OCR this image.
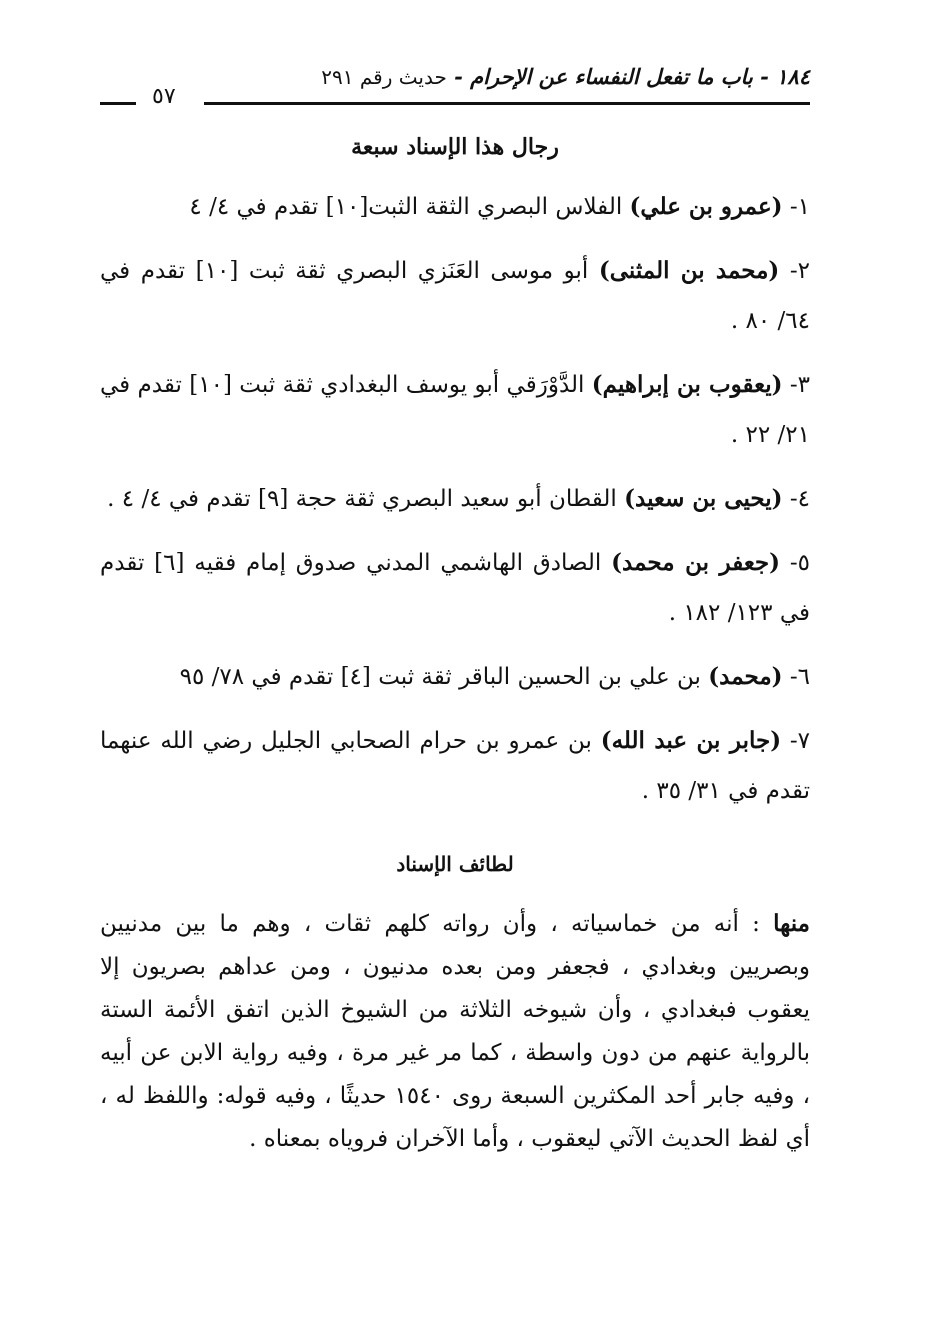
١٨٤ - باب ما تفعل النفساء عن الإحرام - حديث رقم ٢٩١
٥٧
رجال هذا الإسناد سبعة
١- (عمرو بن علي) الفلاس البصري الثقة الثبت[١٠] تقدم في ٤/ ٤
٢- (محمد بن المثنى) أبو موسى العَنَزي البصري ثقة ثبت [١٠] تقدم في ٦٤/ ٨٠ .
٣- (يعقوب بن إبراهيم) الدَّوْرَقي أبو يوسف البغدادي ثقة ثبت [١٠] تقدم في ٢١/ ٢٢ .
٤- (يحيى بن سعيد) القطان أبو سعيد البصري ثقة حجة [٩] تقدم في ٤/ ٤ .
٥- (جعفر بن محمد) الصادق الهاشمي المدني صدوق إمام فقيه [٦] تقدم في ١٢٣/ ١٨٢ .
٦- (محمد) بن علي بن الحسين الباقر ثقة ثبت [٤] تقدم في ٧٨/ ٩٥
٧- (جابر بن عبد الله) بن عمرو بن حرام الصحابي الجليل رضي الله عنهما تقدم في ٣١/ ٣٥ .
لطائف الإسناد

منها : أنه من خماسياته ، وأن رواته كلهم ثقات ، وهم ما بين مدنيين وبصريين وبغدادي ، فجعفر ومن بعده مدنيون ، ومن عداهم بصريون إلا يعقوب فبغدادي ، وأن شيوخه الثلاثة من الشيوخ الذين اتفق الأئمة الستة بالرواية عنهم من دون واسطة ، كما مر غير مرة ، وفيه رواية الابن عن أبيه ، وفيه جابر أحد المكثرين السبعة روى ١٥٤٠ حديثًا ، وفيه قوله: واللفظ له ، أي لفظ الحديث الآتي ليعقوب ، وأما الآخران فروياه بمعناه .
